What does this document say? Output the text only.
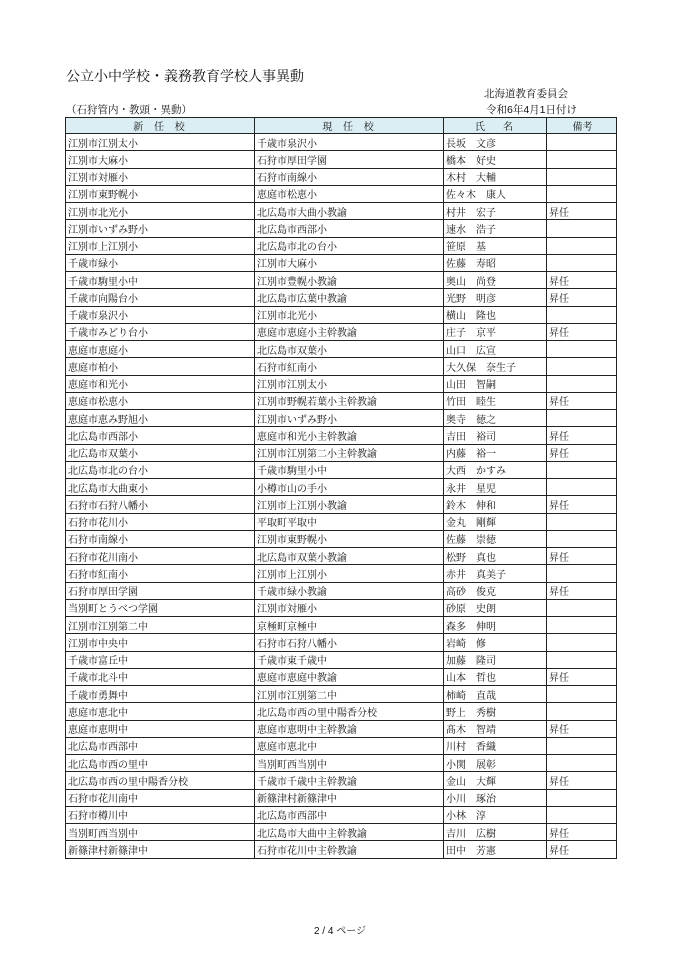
公立小中学校・義務教育学校人事異動
北海道教育委員会
（石狩管内・教頭・異動）	令和6年4月1日付け
新 任 校	現 任 校	氏　名	備考
江別市江別太小	千歳市泉沢小	長坂　文彦	
江別市大麻小	石狩市厚田学園	橋本　好史	
江別市対雁小	石狩市南線小	木村　大輔	
江別市東野幌小	恵庭市松恵小	佐々木　康人	
江別市北光小	北広島市大曲小教諭	村井　宏子	昇任
江別市いずみ野小	北広島市西部小	速水　浩子	
江別市上江別小	北広島市北の台小	笹原　基	
千歳市緑小	江別市大麻小	佐藤　寿昭	
千歳市駒里小中	江別市豊幌小教諭	奥山　尚登	昇任
千歳市向陽台小	北広島市広葉中教諭	光野　明彦	昇任
千歳市泉沢小	江別市北光小	横山　隆也	
千歳市みどり台小	恵庭市恵庭小主幹教諭	庄子　京平	昇任
恵庭市恵庭小	北広島市双葉小	山口　広宣	
恵庭市柏小	石狩市紅南小	大久保　奈生子	
恵庭市和光小	江別市江別太小	山田　智嗣	
恵庭市松恵小	江別市野幌若葉小主幹教諭	竹田　睦生	昇任
恵庭市恵み野旭小	江別市いずみ野小	奥寺　徳之	
北広島市西部小	恵庭市和光小主幹教諭	吉田　裕司	昇任
北広島市双葉小	江別市江別第二小主幹教諭	内藤　裕一	昇任
北広島市北の台小	千歳市駒里小中	大西　かすみ	
北広島市大曲東小	小樽市山の手小	永井　星児	
石狩市石狩八幡小	江別市上江別小教諭	鈴木　伸和	昇任
石狩市花川小	平取町平取中	金丸　剛輝	
石狩市南線小	江別市東野幌小	佐藤　崇徳	
石狩市花川南小	北広島市双葉小教諭	松野　真也	昇任
石狩市紅南小	江別市上江別小	赤井　真美子	
石狩市厚田学園	千歳市緑小教諭	高砂　俊克	昇任
当別町とうべつ学園	江別市対雁小	砂原　史朗	
江別市江別第二中	京極町京極中	森多　伸明	
江別市中央中	石狩市石狩八幡小	岩崎　修	
千歳市富丘中	千歳市東千歳中	加藤　隆司	
千歳市北斗中	恵庭市恵庭中教諭	山本　哲也	昇任
千歳市勇舞中	江別市江別第二中	柿崎　直哉	
恵庭市恵北中	北広島市西の里中陽香分校	野上　秀樹	
恵庭市恵明中	恵庭市恵明中主幹教諭	髙木　智靖	昇任
北広島市西部中	恵庭市恵北中	川村　香織	
北広島市西の里中	当別町西当別中	小関　展彰	
北広島市西の里中陽香分校	千歳市千歳中主幹教諭	金山　大輝	昇任
石狩市花川南中	新篠津村新篠津中	小川　琢治	
石狩市樽川中	北広島市西部中	小林　淳	
当別町西当別中	北広島市大曲中主幹教諭	吉川　広樹	昇任
新篠津村新篠津中	石狩市花川中主幹教諭	田中　芳憲	昇任
2 / 4 ページ
